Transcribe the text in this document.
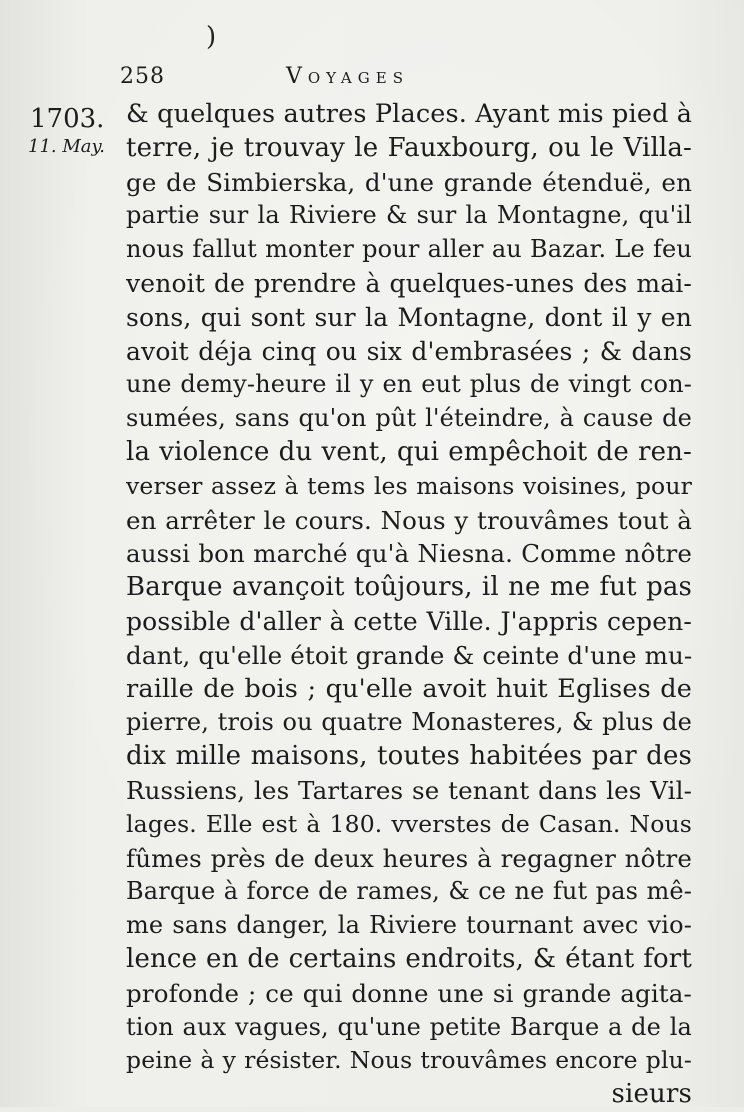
)
258	Voyages
1703.
11. May.
& quelques autres Places. Ayant mis pied à
terre, je trouvay le Fauxbourg, ou le Villa-
ge de Simbierska, d'une grande étenduë, en
partie sur la Riviere & sur la Montagne, qu'il
nous fallut monter pour aller au Bazar. Le feu
venoit de prendre à quelques-unes des mai-
sons, qui sont sur la Montagne, dont il y en
avoit déja cinq ou six d'embrasées ; & dans
une demy-heure il y en eut plus de vingt con-
sumées, sans qu'on pût l'éteindre, à cause de
la violence du vent, qui empêchoit de ren-
verser assez à tems les maisons voisines, pour
en arrêter le cours. Nous y trouvâmes tout à
aussi bon marché qu'à Niesna. Comme nôtre
Barque avançoit toûjours, il ne me fut pas
possible d'aller à cette Ville. J'appris cepen-
dant, qu'elle étoit grande & ceinte d'une mu-
raille de bois ; qu'elle avoit huit Eglises de
pierre, trois ou quatre Monasteres, & plus de
dix mille maisons, toutes habitées par des
Russiens, les Tartares se tenant dans les Vil-
lages. Elle est à 180. vverstes de Casan. Nous
fûmes près de deux heures à regagner nôtre
Barque à force de rames, & ce ne fut pas mê-
me sans danger, la Riviere tournant avec vio-
lence en de certains endroits, & étant fort
profonde ; ce qui donne une si grande agita-
tion aux vagues, qu'une petite Barque a de la
peine à y résister. Nous trouvâmes encore plu-
sieurs
